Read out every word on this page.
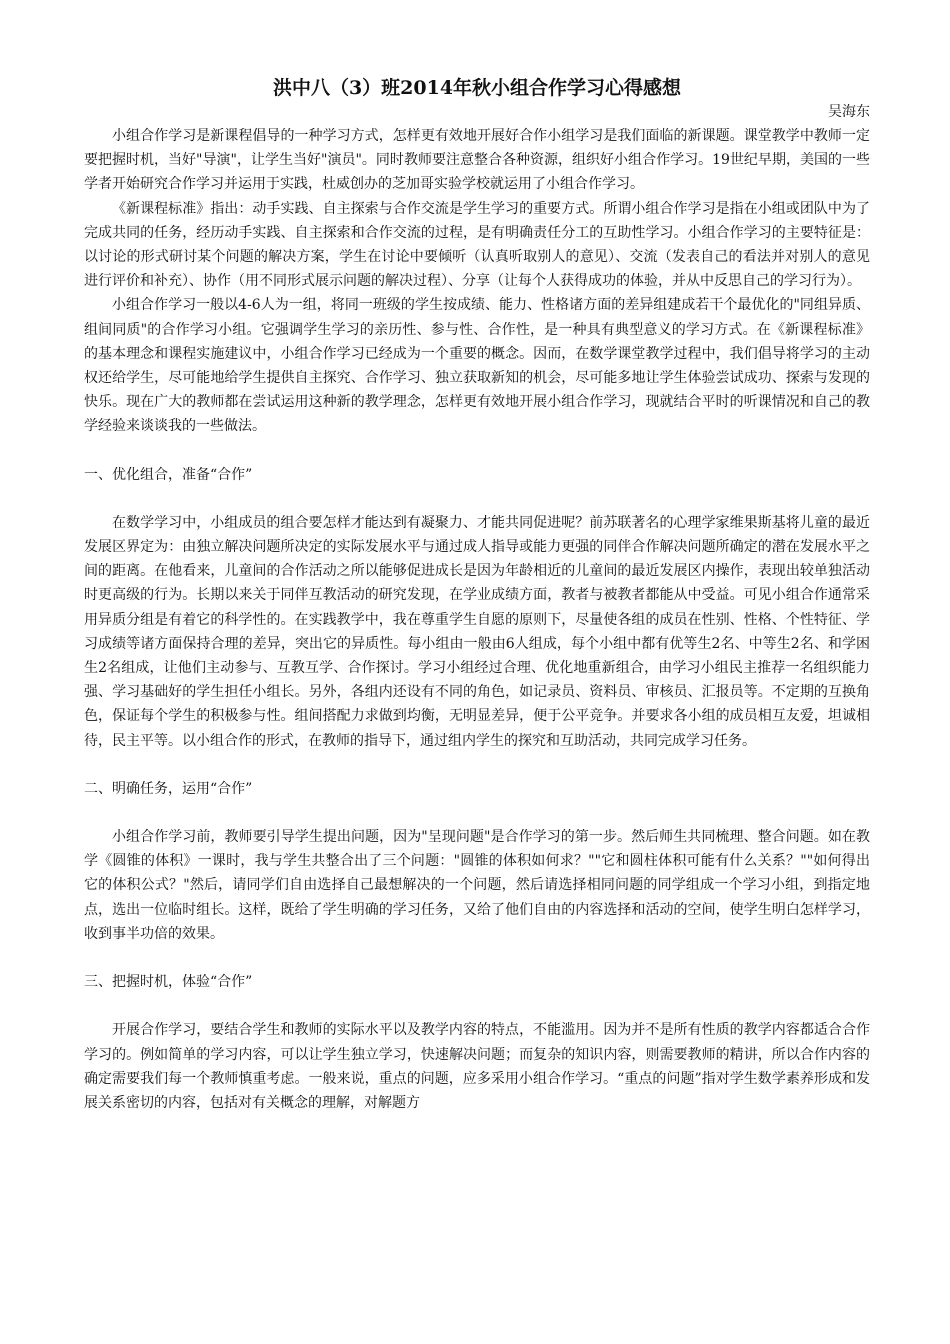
洪中八（3）班2014年秋小组合作学习心得感想
吴海东

小组合作学习是新课程倡导的一种学习方式，怎样更有效地开展好合作小组学习是我们面临的新课题。课堂教学中教师一定要把握时机，当好"导演"，让学生当好"演员"。同时教师要注意整合各种资源，组织好小组合作学习。19世纪早期，美国的一些学者开始研究合作学习并运用于实践，杜威创办的芝加哥实验学校就运用了小组合作学习。

《新课程标准》指出：动手实践、自主探索与合作交流是学生学习的重要方式。所谓小组合作学习是指在小组或团队中为了完成共同的任务，经历动手实践、自主探索和合作交流的过程，是有明确责任分工的互助性学习。小组合作学习的主要特征是：以讨论的形式研讨某个问题的解决方案，学生在讨论中要倾听（认真听取别人的意见）、交流（发表自己的看法并对别人的意见进行评价和补充）、协作（用不同形式展示问题的解决过程）、分享（让每个人获得成功的体验，并从中反思自己的学习行为）。

小组合作学习一般以4-6人为一组，将同一班级的学生按成绩、能力、性格诸方面的差异组建成若干个最优化的"同组异质、组间同质"的合作学习小组。它强调学生学习的亲历性、参与性、合作性，是一种具有典型意义的学习方式。在《新课程标准》的基本理念和课程实施建议中，小组合作学习已经成为一个重要的概念。因而，在数学课堂教学过程中，我们倡导将学习的主动权还给学生，尽可能地给学生提供自主探究、合作学习、独立获取新知的机会，尽可能多地让学生体验尝试成功、探索与发现的快乐。现在广大的教师都在尝试运用这种新的教学理念，怎样更有效地开展小组合作学习，现就结合平时的听课情况和自己的教学经验来谈谈我的一些做法。

一、优化组合，准备“合作”

在数学学习中，小组成员的组合要怎样才能达到有凝聚力、才能共同促进呢？前苏联著名的心理学家维果斯基将儿童的最近发展区界定为：由独立解决问题所决定的实际发展水平与通过成人指导或能力更强的同伴合作解决问题所确定的潜在发展水平之间的距离。在他看来，儿童间的合作活动之所以能够促进成长是因为年龄相近的儿童间的最近发展区内操作，表现出较单独活动时更高级的行为。长期以来关于同伴互教活动的研究发现，在学业成绩方面，教者与被教者都能从中受益。可见小组合作通常采用异质分组是有着它的科学性的。在实践教学中，我在尊重学生自愿的原则下，尽量使各组的成员在性别、性格、个性特征、学习成绩等诸方面保持合理的差异，突出它的异质性。每小组由一般由6人组成，每个小组中都有优等生2名、中等生2名、和学困生2名组成，让他们主动参与、互教互学、合作探讨。学习小组经过合理、优化地重新组合，由学习小组民主推荐一名组织能力强、学习基础好的学生担任小组长。另外，各组内还设有不同的角色，如记录员、资料员、审核员、汇报员等。不定期的互换角色，保证每个学生的积极参与性。组间搭配力求做到均衡，无明显差异，便于公平竞争。并要求各小组的成员相互友爱，坦诚相待，民主平等。以小组合作的形式，在教师的指导下，通过组内学生的探究和互助活动，共同完成学习任务。

二、明确任务，运用“合作”

小组合作学习前，教师要引导学生提出问题，因为"呈现问题"是合作学习的第一步。然后师生共同梳理、整合问题。如在教学《圆锥的体积》一课时，我与学生共整合出了三个问题："圆锥的体积如何求？""它和圆柱体积可能有什么关系？""如何得出它的体积公式？"然后，请同学们自由选择自己最想解决的一个问题，然后请选择相同问题的同学组成一个学习小组，到指定地点，选出一位临时组长。这样，既给了学生明确的学习任务，又给了他们自由的内容选择和活动的空间，使学生明白怎样学习，收到事半功倍的效果。

三、把握时机，体验“合作”

开展合作学习，要结合学生和教师的实际水平以及教学内容的特点，不能滥用。因为并不是所有性质的教学内容都适合合作学习的。例如简单的学习内容，可以让学生独立学习，快速解决问题；而复杂的知识内容，则需要教师的精讲，所以合作内容的确定需要我们每一个教师慎重考虑。一般来说，重点的问题，应多采用小组合作学习。“重点的问题”指对学生数学素养形成和发展关系密切的内容，包括对有关概念的理解，对解题方
